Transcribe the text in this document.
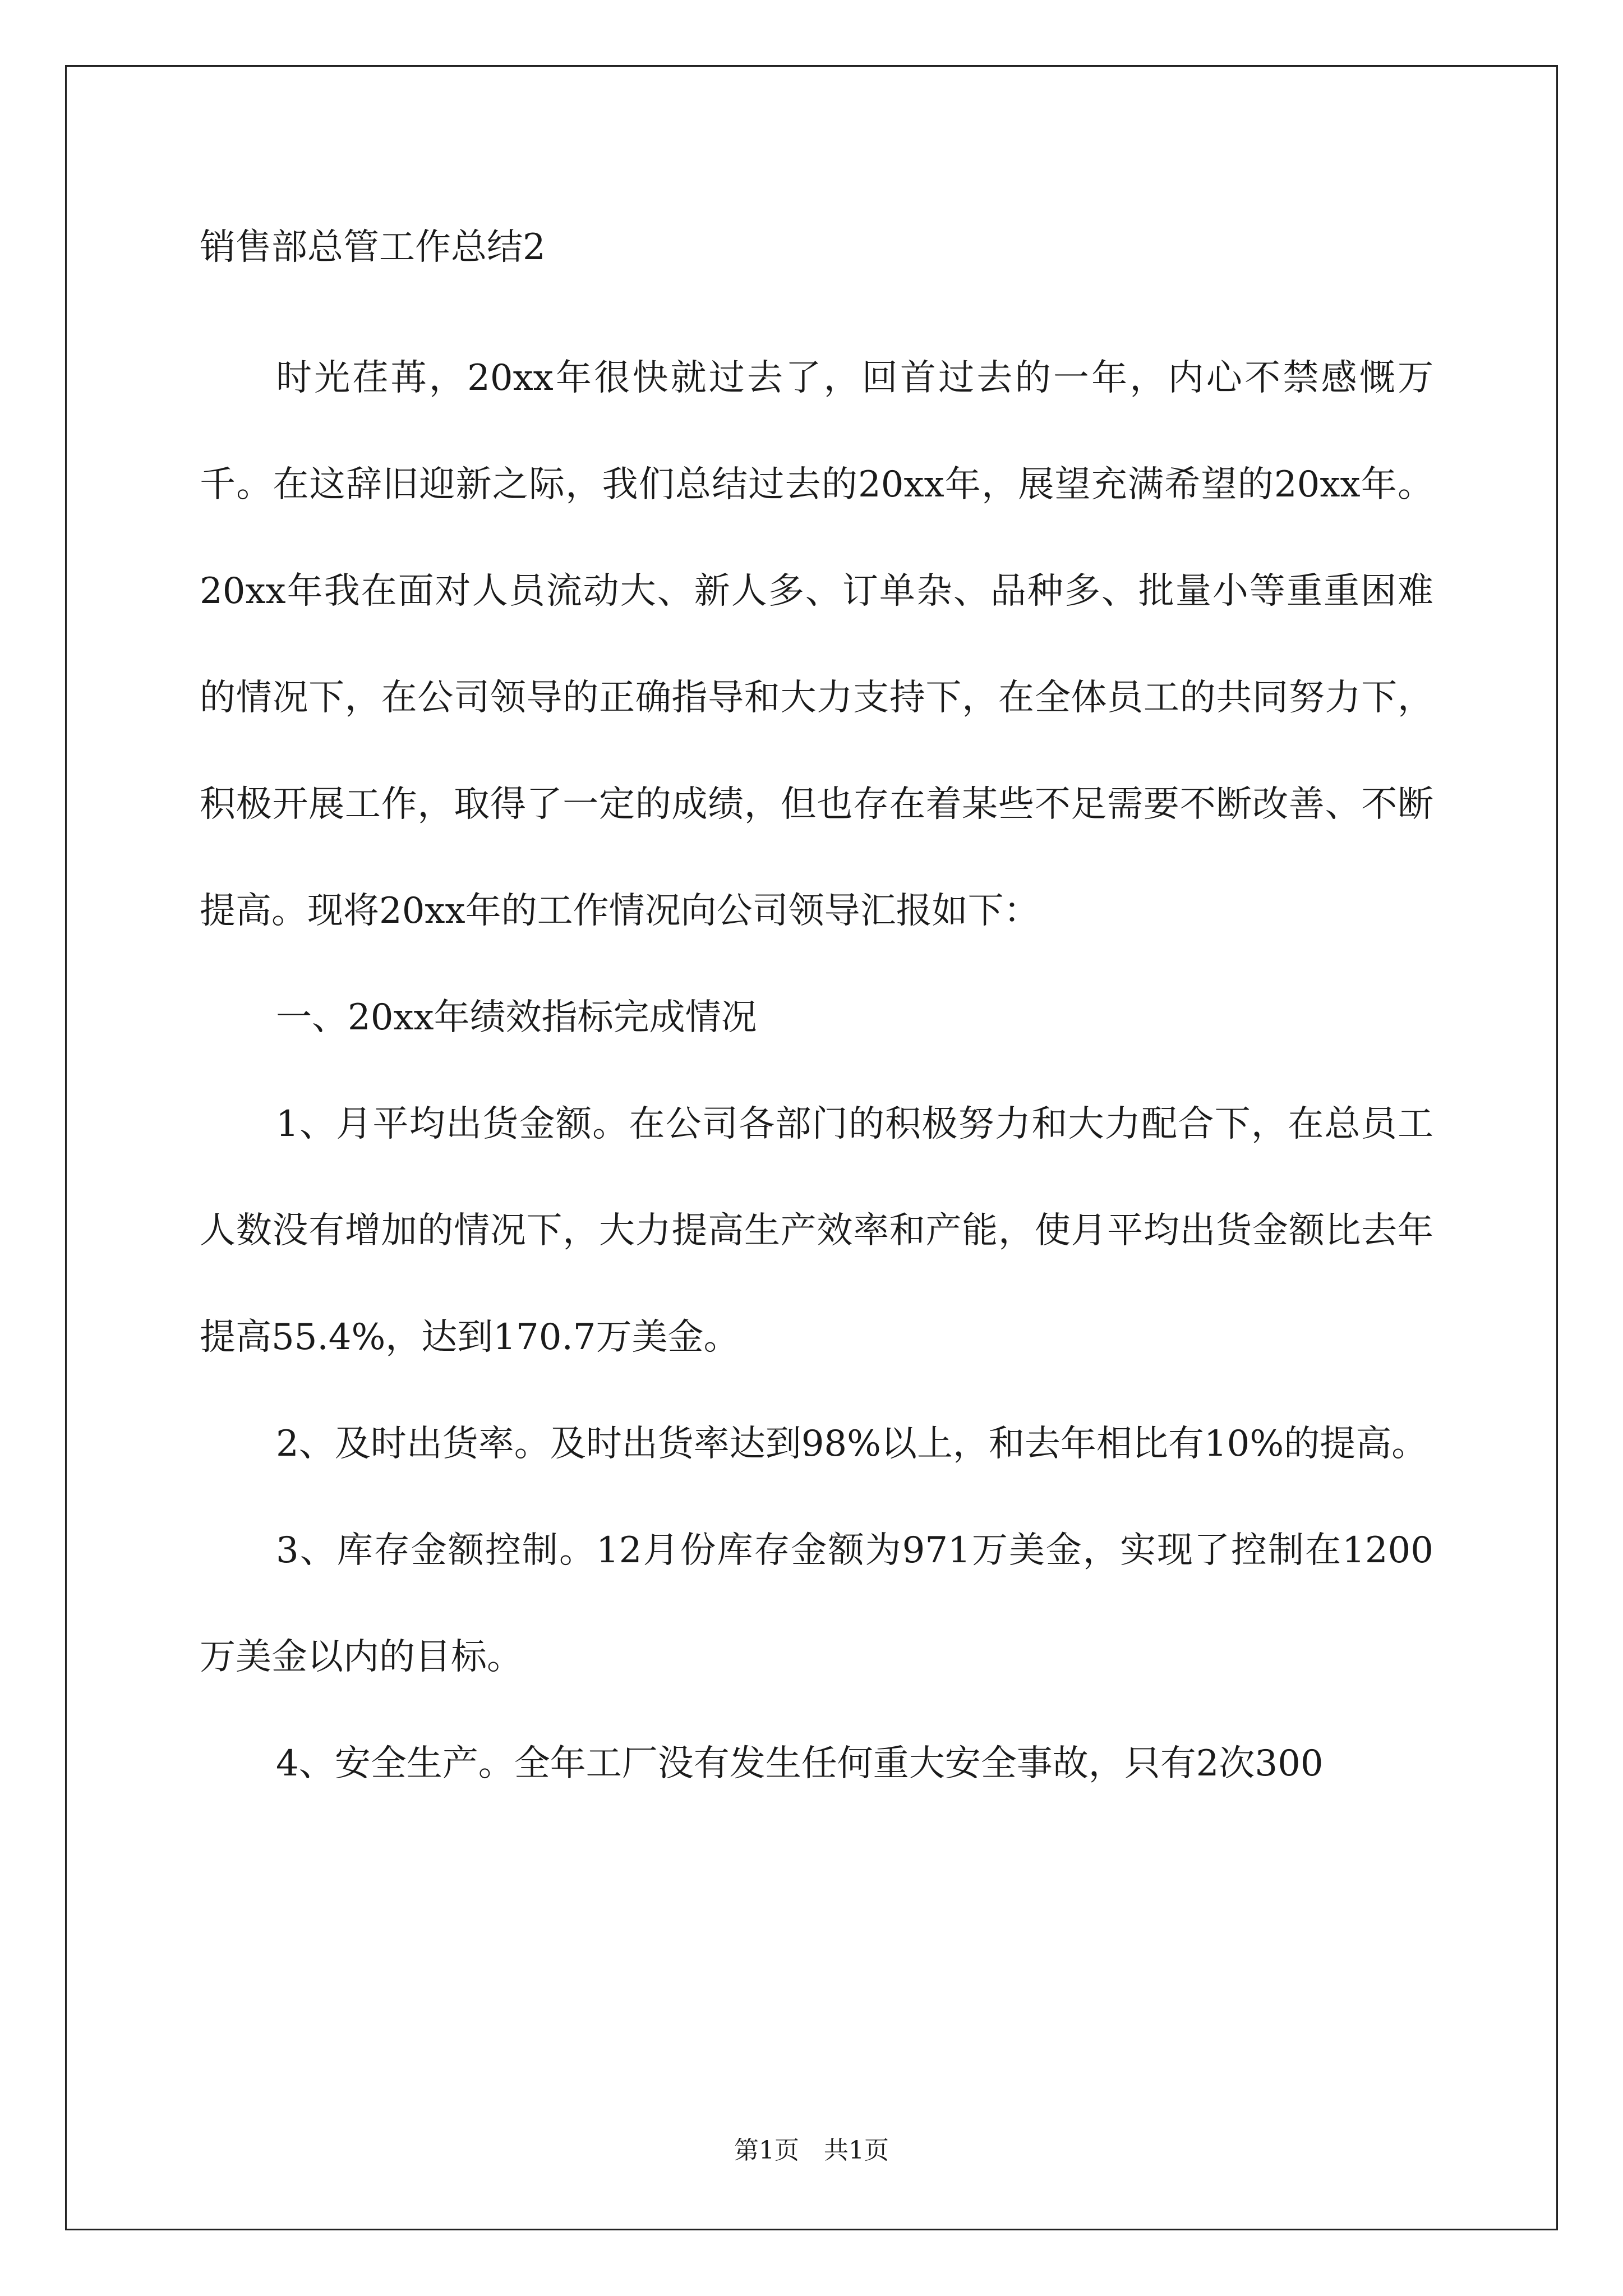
销售部总管工作总结2

时光荏苒，20xx年很快就过去了，回首过去的一年，内心不禁感慨万千。在这辞旧迎新之际，我们总结过去的20xx年，展望充满希望的20xx年。20xx年我在面对人员流动大、新人多、订单杂、品种多、批量小等重重困难的情况下，在公司领导的正确指导和大力支持下，在全体员工的共同努力下，积极开展工作，取得了一定的成绩，但也存在着某些不足需要不断改善、不断提高。现将20xx年的工作情况向公司领导汇报如下：

一、20xx年绩效指标完成情况

1、月平均出货金额。在公司各部门的积极努力和大力配合下，在总员工人数没有增加的情况下，大力提高生产效率和产能，使月平均出货金额比去年提高55.4%，达到170.7万美金。

2、及时出货率。及时出货率达到98%以上，和去年相比有10%的提高。

3、库存金额控制。12月份库存金额为971万美金，实现了控制在1200万美金以内的目标。

4、安全生产。全年工厂没有发生任何重大安全事故，只有2次300

第1页　共1页
